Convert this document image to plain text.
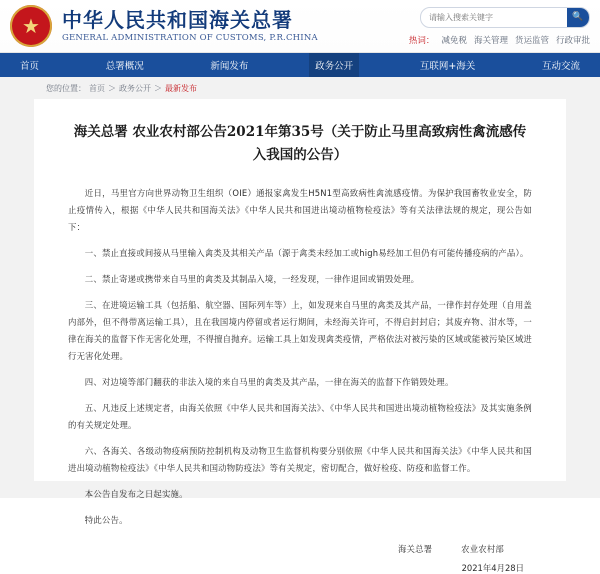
★
中华人民共和国海关总署
GENERAL ADMINISTRATION OF CUSTOMS, P.R.CHINA
请输入搜索关键字
🔍
热词： 减免税 海关管理 货运监管 行政审批
首页	总署概况	新闻发布	政务公开	互联网+海关	互动交流
您的位置： 首页 ＞ 政务公开 ＞ 最新发布
海关总署 农业农村部公告2021年第35号（关于防止马里高致病性禽流感传入我国的公告）

近日，马里官方向世界动物卫生组织（OIE）通报家禽发生H5N1型高致病性禽流感疫情。为保护我国畜牧业安全，防止疫情传入，根据《中华人民共和国海关法》《中华人民共和国进出境动植物检疫法》等有关法律法规的规定，现公告如下：

一、禁止直接或间接从马里输入禽类及其相关产品（源于禽类未经加工或high易经加工但仍有可能传播疫病的产品）。

二、禁止寄递或携带来自马里的禽类及其制品入境，一经发现，一律作退回或销毁处理。

三、在进境运输工具（包括船、航空器、国际列车等）上，如发现来自马里的禽类及其产品，一律作封存处理（自用盖内部外，但不得带离运输工具），且在我国境内停留或者运行期间，未经海关许可，不得启封封启；其废弃物、泔水等，一律在海关的监督下作无害化处理，不得擅自抛弃。运输工具上如发现禽类疫情，严格依法对被污染的区域或能被污染区域进行无害化处理。

四、对边境等部门翻获的非法入境的来自马里的禽类及其产品，一律在海关的监督下作销毁处理。

五、凡违反上述规定者，由海关依照《中华人民共和国海关法》、《中华人民共和国进出境动植物检疫法》及其实施条例的有关规定处理。

六、各海关、各级动物疫病预防控制机构及动物卫生监督机构要分别依照《中华人民共和国海关法》《中华人民共和国进出境动植物检疫法》《中华人民共和国动物防疫法》等有关规定，密切配合，做好检疫、防疫和监督工作。

本公告自发布之日起实施。

特此公告。

海关总署	农业农村部
2021年4月28日
